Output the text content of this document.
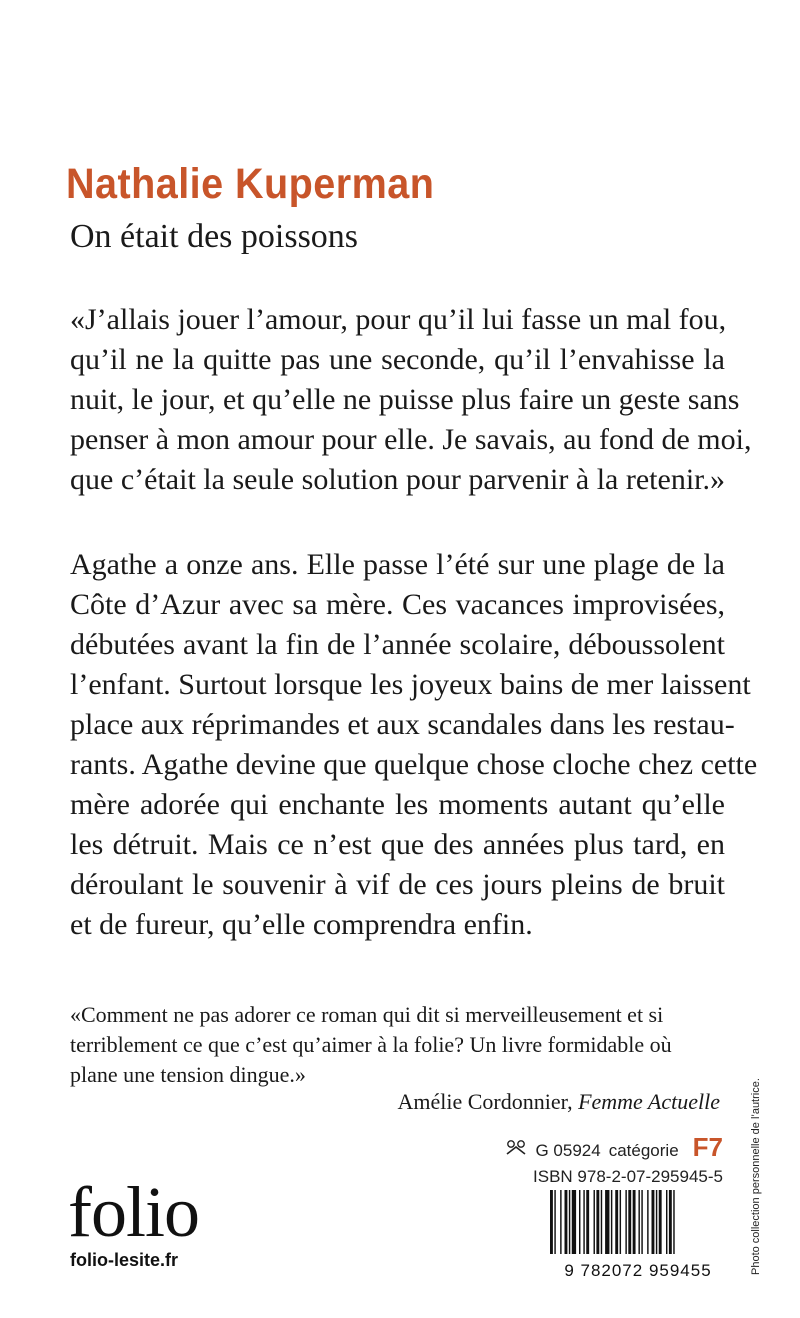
Nathalie Kuperman
On était des poissons

«J’allais jouer l’amour, pour qu’il lui fasse un mal fou,

qu’il ne la quitte pas une seconde, qu’il l’envahisse la

nuit, le jour, et qu’elle ne puisse plus faire un geste sans

penser à mon amour pour elle. Je savais, au fond de moi,

que c’était la seule solution pour parvenir à la retenir.»

Agathe a onze ans. Elle passe l’été sur une plage de la

Côte d’Azur avec sa mère. Ces vacances improvisées,

débutées avant la fin de l’année scolaire, déboussolent

l’enfant. Surtout lorsque les joyeux bains de mer laissent

place aux réprimandes et aux scandales dans les restau-

rants. Agathe devine que quelque chose cloche chez cette

mère adorée qui enchante les moments autant qu’elle

les détruit. Mais ce n’est que des années plus tard, en

déroulant le souvenir à vif de ces jours pleins de bruit

et de fureur, qu’elle comprendra enfin.

«Comment ne pas adorer ce roman qui dit si merveilleusement et si

terriblement ce que c’est qu’aimer à la folie? Un livre formidable où

plane une tension dingue.»

Amélie Cordonnier, Femme Actuelle
G 05924 catégorie F7
ISBN 978-2-07-295945-5
folio
folio-lesite.fr
9 782072 959455	Photo collection personnelle de l’autrice.
